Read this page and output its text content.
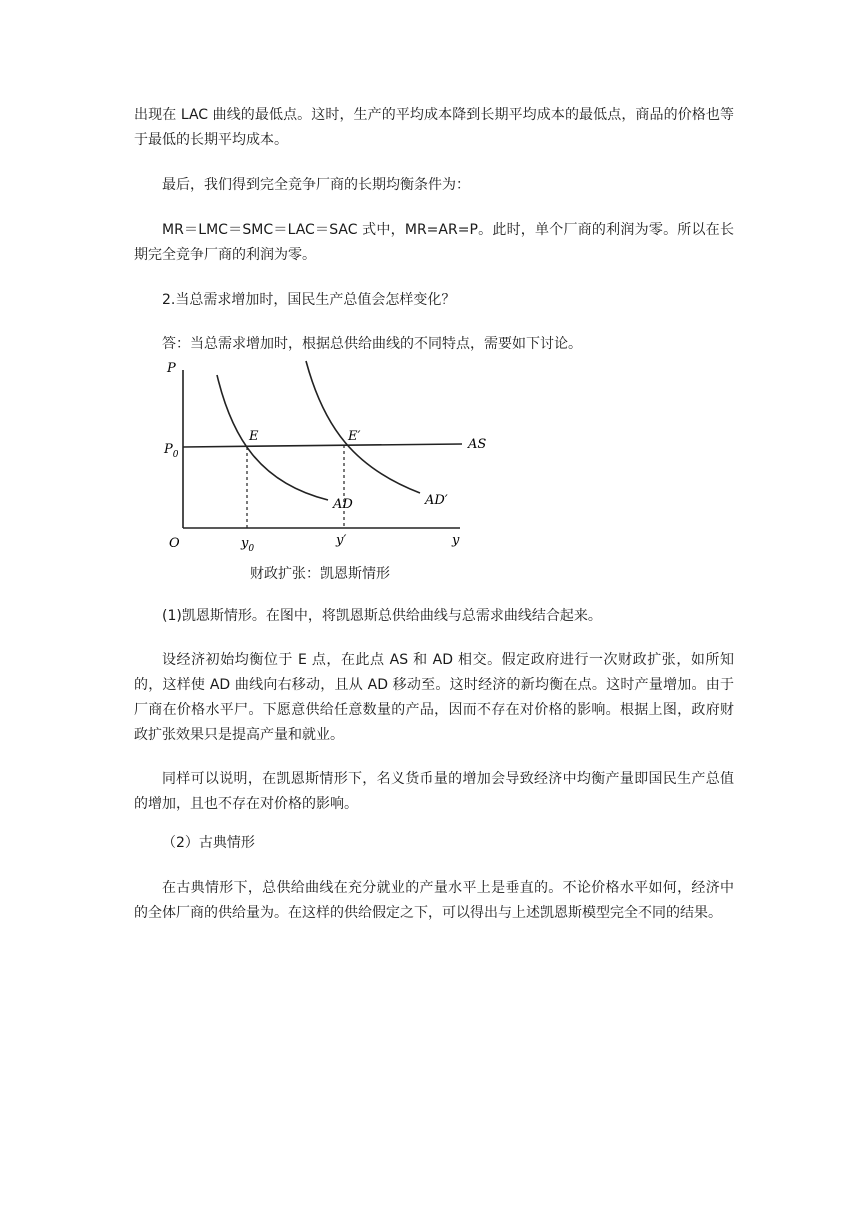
出现在 LAC 曲线的最低点。这时，生产的平均成本降到长期平均成本的最低点，商品的价格也等于最低的长期平均成本。

最后，我们得到完全竞争厂商的长期均衡条件为：

MR＝LMC＝SMC＝LAC＝SAC 式中，MR=AR=P。此时，单个厂商的利润为零。所以在长期完全竞争厂商的利润为零。

2.当总需求增加时，国民生产总值会怎样变化？

答：当总需求增加时，根据总供给曲线的不同特点，需要如下讨论。

P
y
O
$P_0$
$y_0$
y′
E	E′
AS
AD	AD′
财政扩张：凯恩斯情形

(1)凯恩斯情形。在图中，将凯恩斯总供给曲线与总需求曲线结合起来。

设经济初始均衡位于 E 点，在此点 AS 和 AD 相交。假定政府进行一次财政扩张，如所知的，这样使 AD 曲线向右移动，且从 AD 移动至。这时经济的新均衡在点。这时产量增加。由于厂商在价格水平尸。下愿意供给任意数量的产品，因而不存在对价格的影响。根据上图，政府财政扩张效果只是提高产量和就业。

同样可以说明，在凯恩斯情形下，名义货币量的增加会导致经济中均衡产量即国民生产总值的增加，且也不存在对价格的影响。

（2）古典情形

在古典情形下，总供给曲线在充分就业的产量水平上是垂直的。不论价格水平如何，经济中的全体厂商的供给量为。在这样的供给假定之下，可以得出与上述凯恩斯模型完全不同的结果。
